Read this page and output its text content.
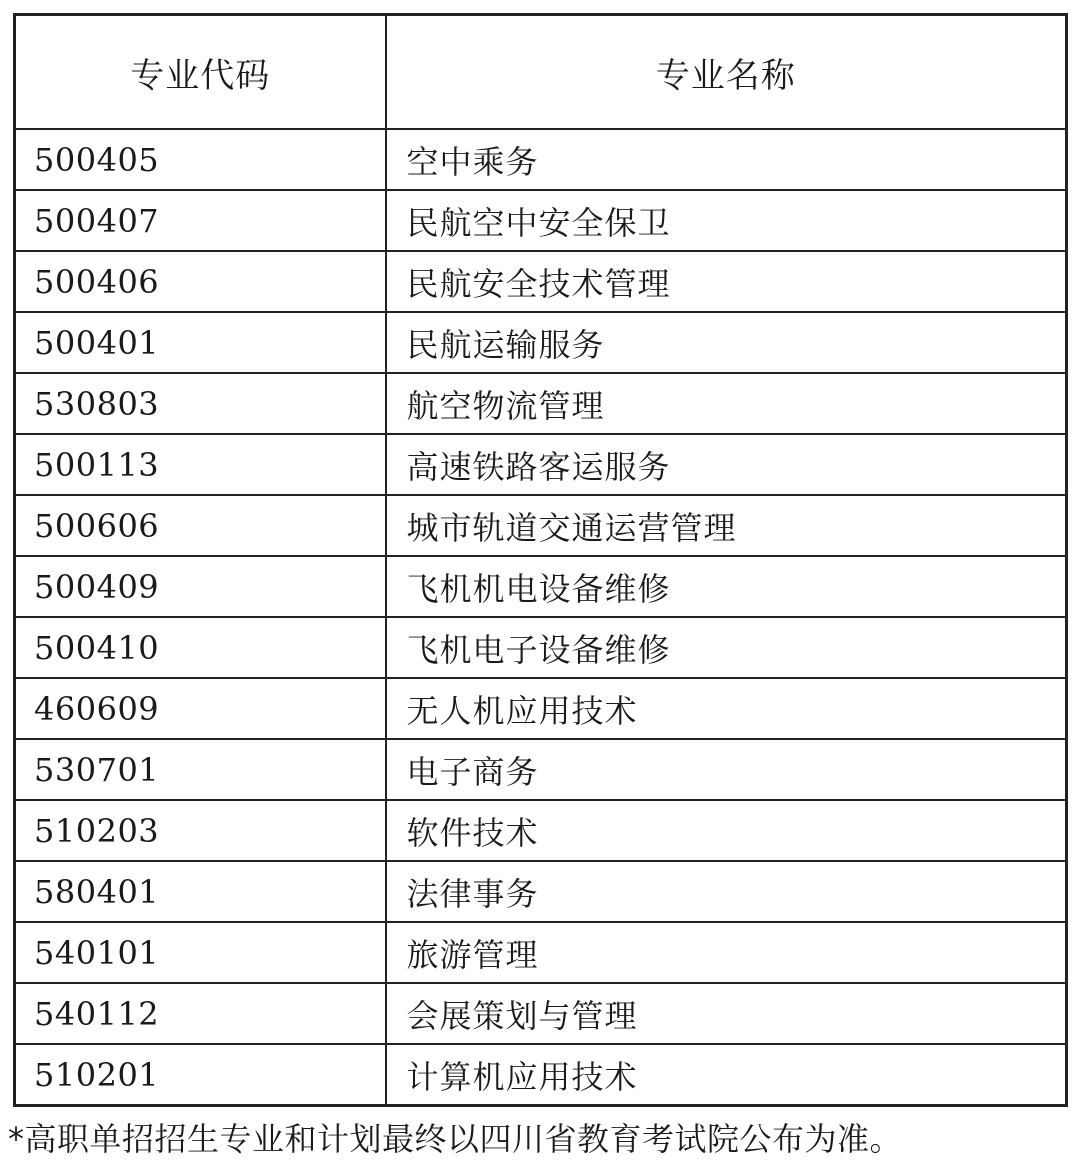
专业代码	专业名称
500405	空中乘务
500407	民航空中安全保卫
500406	民航安全技术管理
500401	民航运输服务
530803	航空物流管理
500113	高速铁路客运服务
500606	城市轨道交通运营管理
500409	飞机机电设备维修
500410	飞机电子设备维修
460609	无人机应用技术
530701	电子商务
510203	软件技术
580401	法律事务
540101	旅游管理
540112	会展策划与管理
510201	计算机应用技术
*高职单招招生专业和计划最终以四川省教育考试院公布为准。
